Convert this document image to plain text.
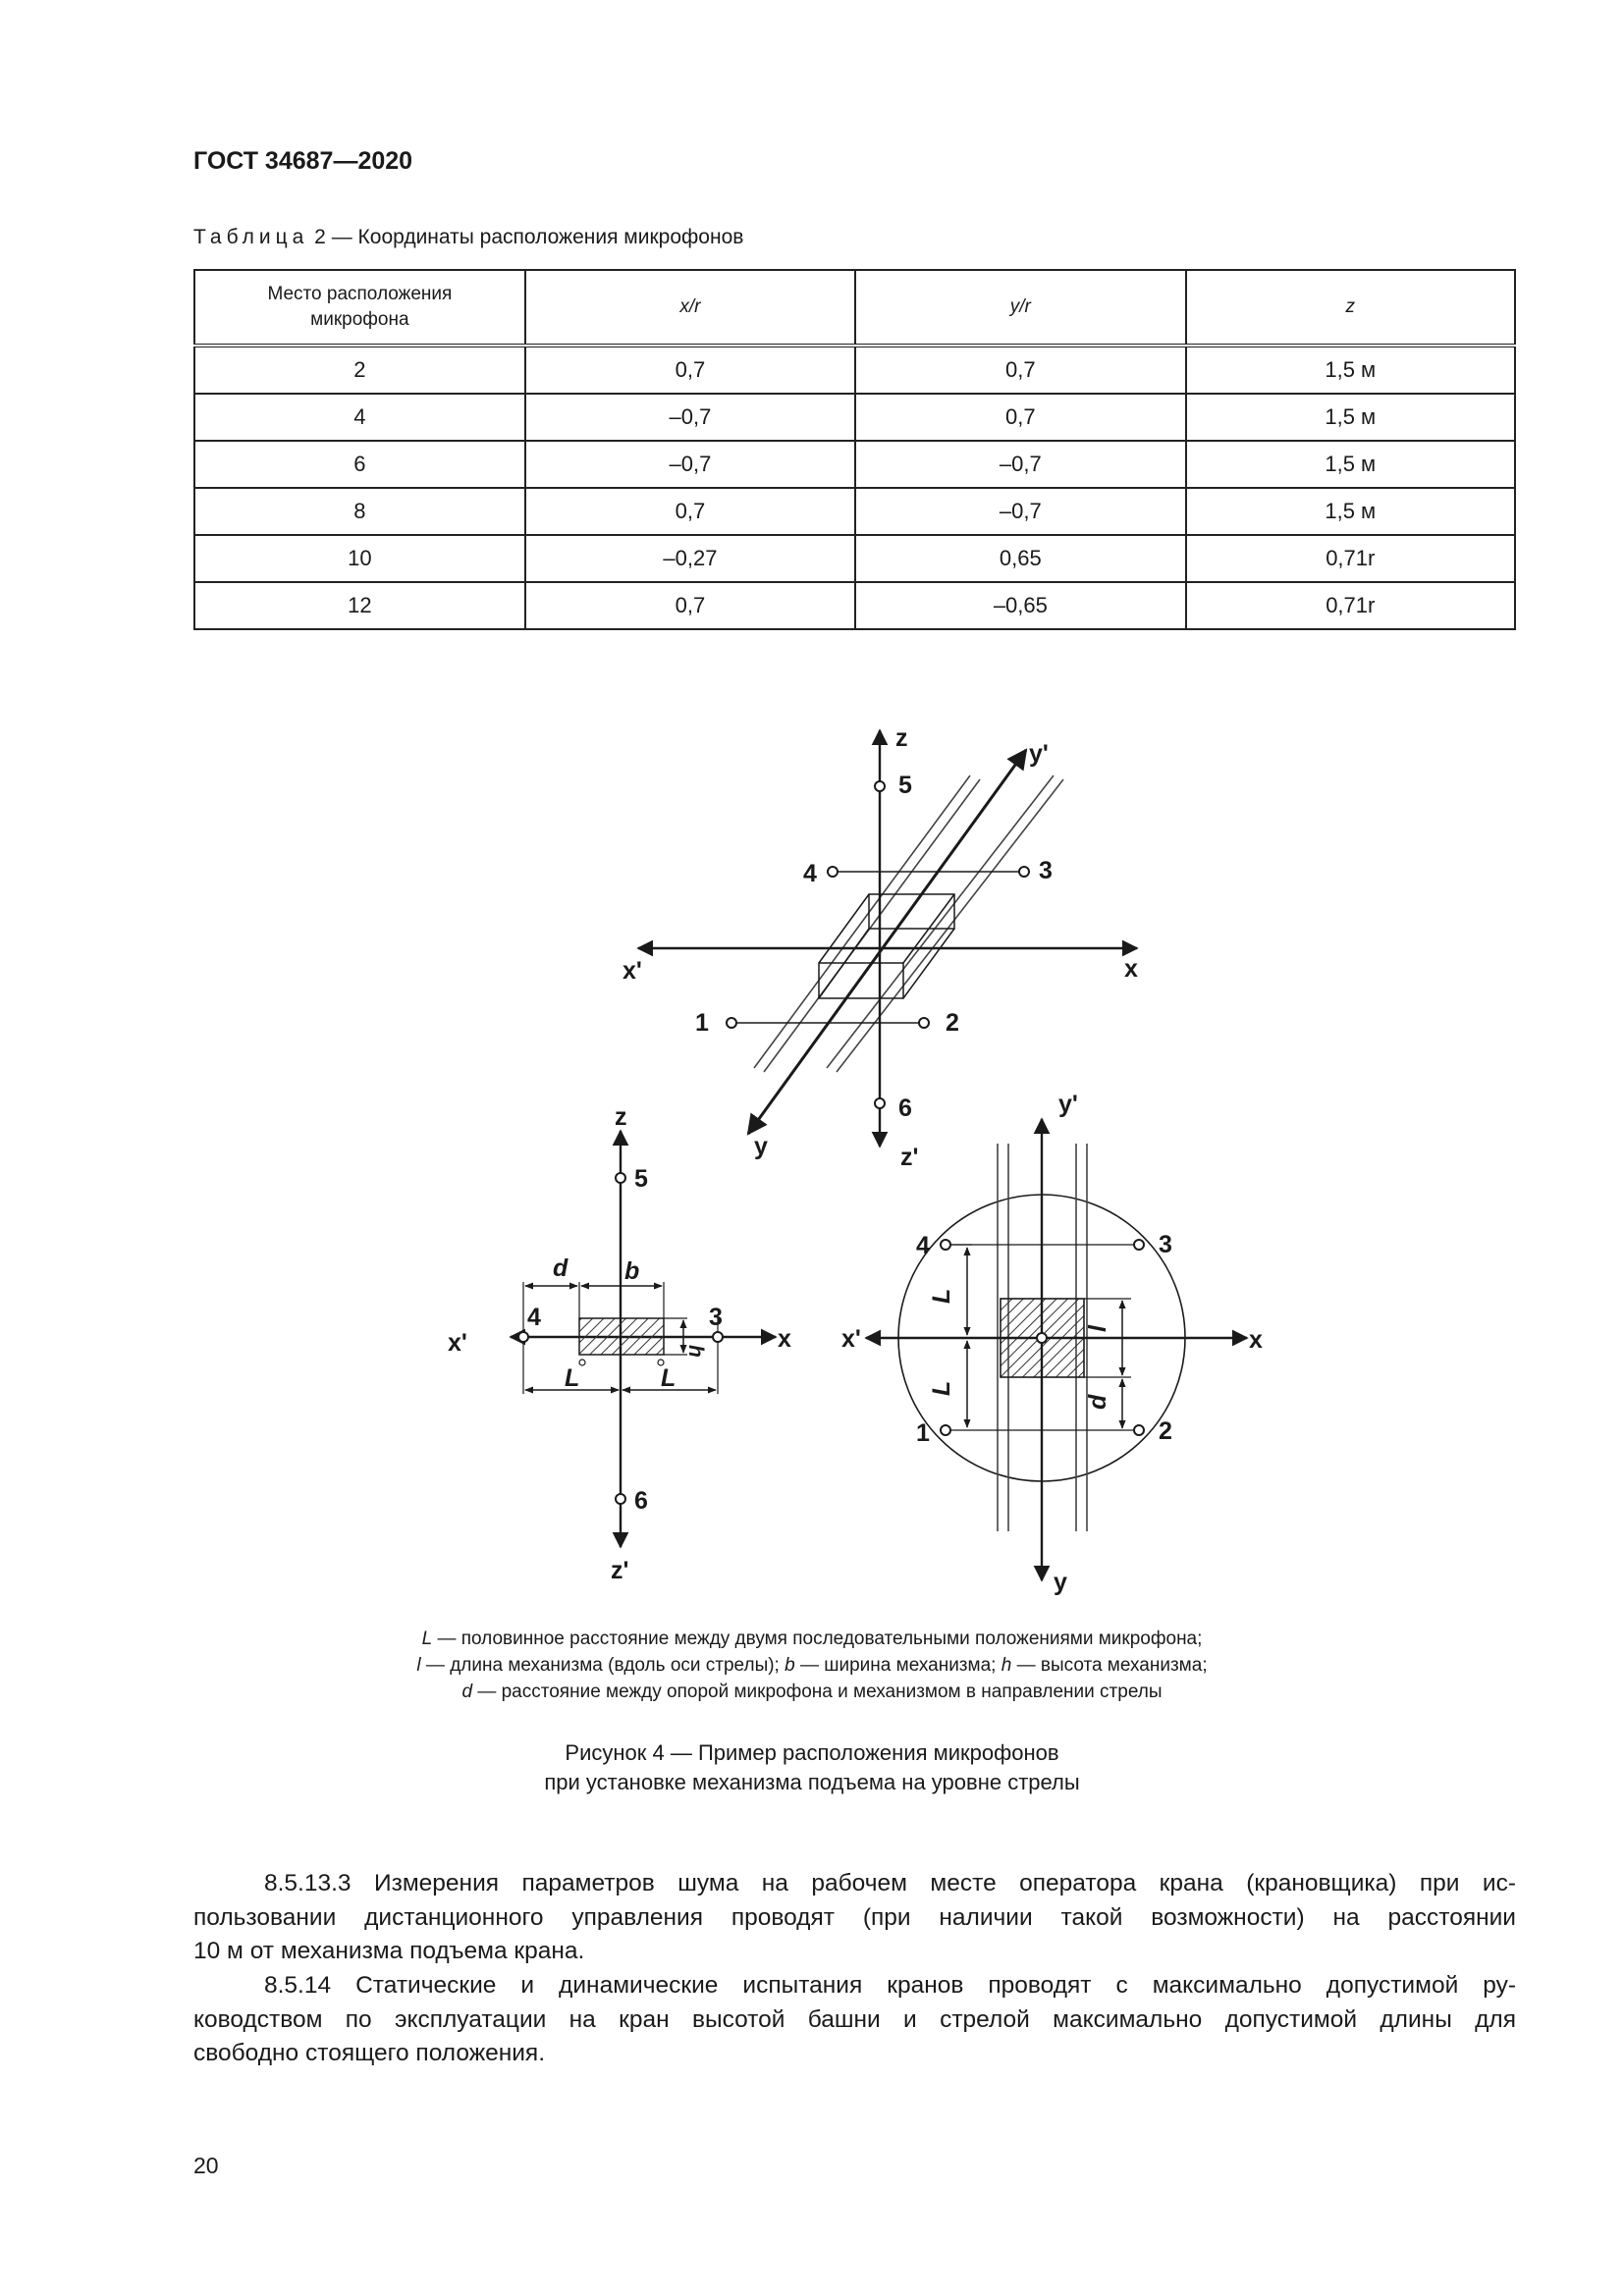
ГОСТ 34687—2020
Таблица 2 — Координаты расположения микрофонов
Место расположения микрофона	x/r	y/r	z
2	0,7	0,7	1,5 м
4	–0,7	0,7	1,5 м
6	–0,7	–0,7	1,5 м
8	0,7	–0,7	1,5 м
10	–0,27	0,65	0,71r
12	0,7	–0,65	0,71r
z
z'
x
x'
y
y'
5
4	3
1	2
6
z
z'
x
x'
5
4	3
6
d b
h
L	L
y'
y
x
x'
4	3
1	2
L
L
l
d
L — половинное расстояние между двумя последовательными положениями микрофона;
l — длина механизма (вдоль оси стрелы); b — ширина механизма; h — высота механизма;
d — расстояние между опорой микрофона и механизмом в направлении стрелы
Рисунок 4 — Пример расположения микрофонов
при установке механизма подъема на уровне стрелы
8.5.13.3 Измерения параметров шума на рабочем месте оператора крана (крановщика) при ис-
пользовании дистанционного управления проводят (при наличии такой возможности) на расстоянии
10 м от механизма подъема крана.
8.5.14 Статические и динамические испытания кранов проводят с максимально допустимой ру-
ководством по эксплуатации на кран высотой башни и стрелой максимально допустимой длины для
свободно стоящего положения.
20
